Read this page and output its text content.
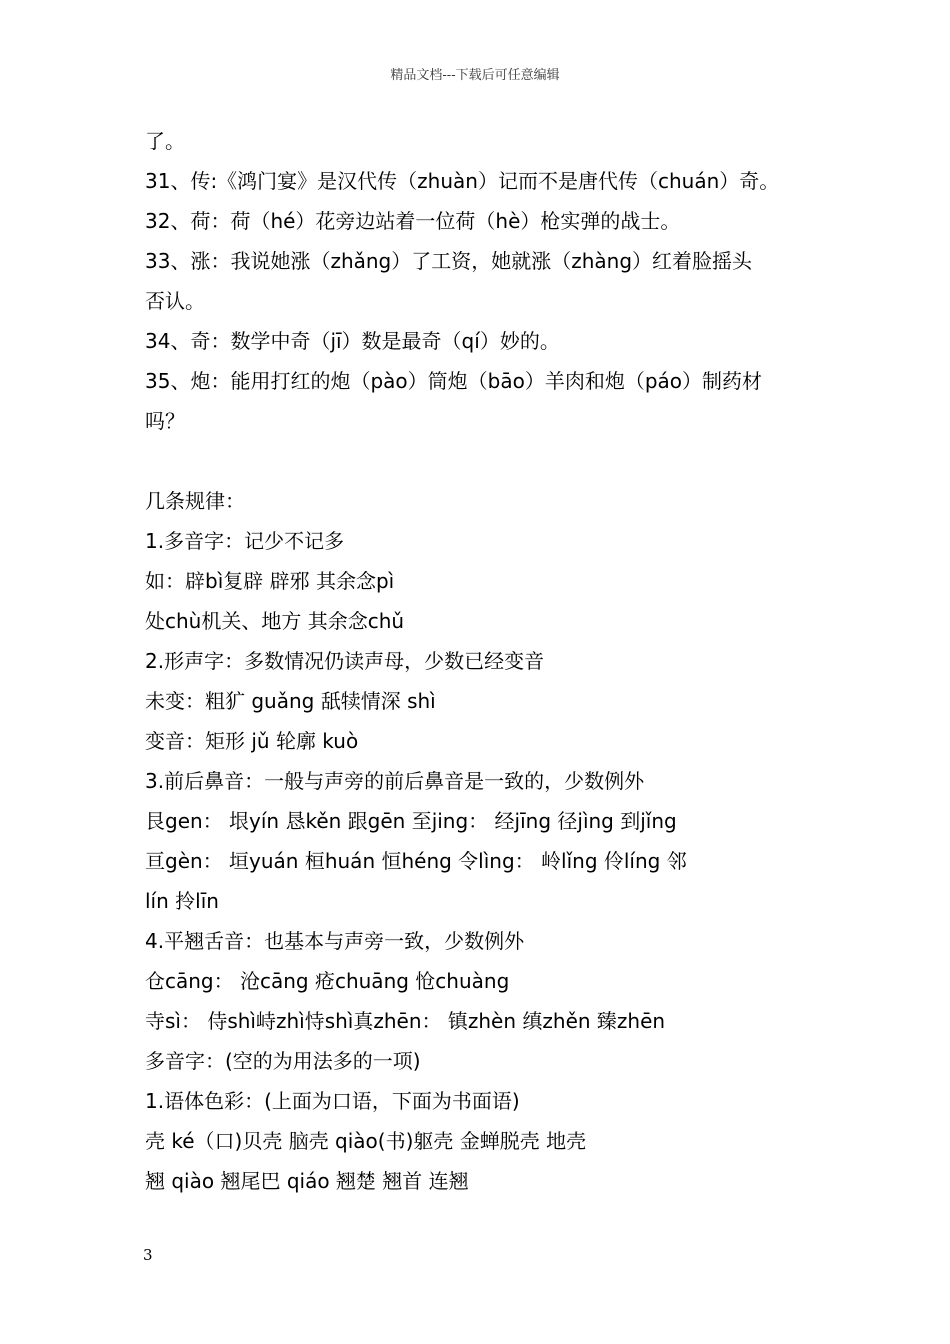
精品文档---下载后可任意编辑
了。
31、传:《鸿门宴》是汉代传（zhuàn）记而不是唐代传（chuán）奇。
32、荷：荷（hé）花旁边站着一位荷（hè）枪实弹的战士。
33、涨：我说她涨（zhǎng）了工资，她就涨（zhàng）红着脸摇头
否认。
34、奇：数学中奇（jī）数是最奇（qí）妙的。
35、炮：能用打红的炮（pào）筒炮（bāo）羊肉和炮（páo）制药材
吗？
几条规律：
1.多音字：记少不记多
如：辟bì复辟 辟邪 其余念pì
处chù机关、地方 其余念chǔ
2.形声字：多数情况仍读声母，少数已经变音
未变：粗犷 guǎng 舐犊情深 shì
变音：矩形 jǔ 轮廓 kuò
3.前后鼻音：一般与声旁的前后鼻音是一致的，少数例外
艮gen： 垠yín 恳kěn 跟gēn 至jing： 经jīng 径jìng 到jǐng
亘gèn： 垣yuán 桓huán 恒héng 令lìng： 岭lǐng 伶líng 邻
lín 拎līn
4.平翘舌音：也基本与声旁一致，少数例外
仓cāng： 沧cāng 疮chuāng 怆chuàng
寺sì： 侍shì峙zhì恃shì真zhēn： 镇zhèn 缜zhěn 臻zhēn
多音字：(空的为用法多的一项)
1.语体色彩：(上面为口语，下面为书面语)
壳 ké（口)贝壳 脑壳 qiào(书)躯壳 金蝉脱壳 地壳
翘 qiào 翘尾巴 qiáo 翘楚 翘首 连翘
3
